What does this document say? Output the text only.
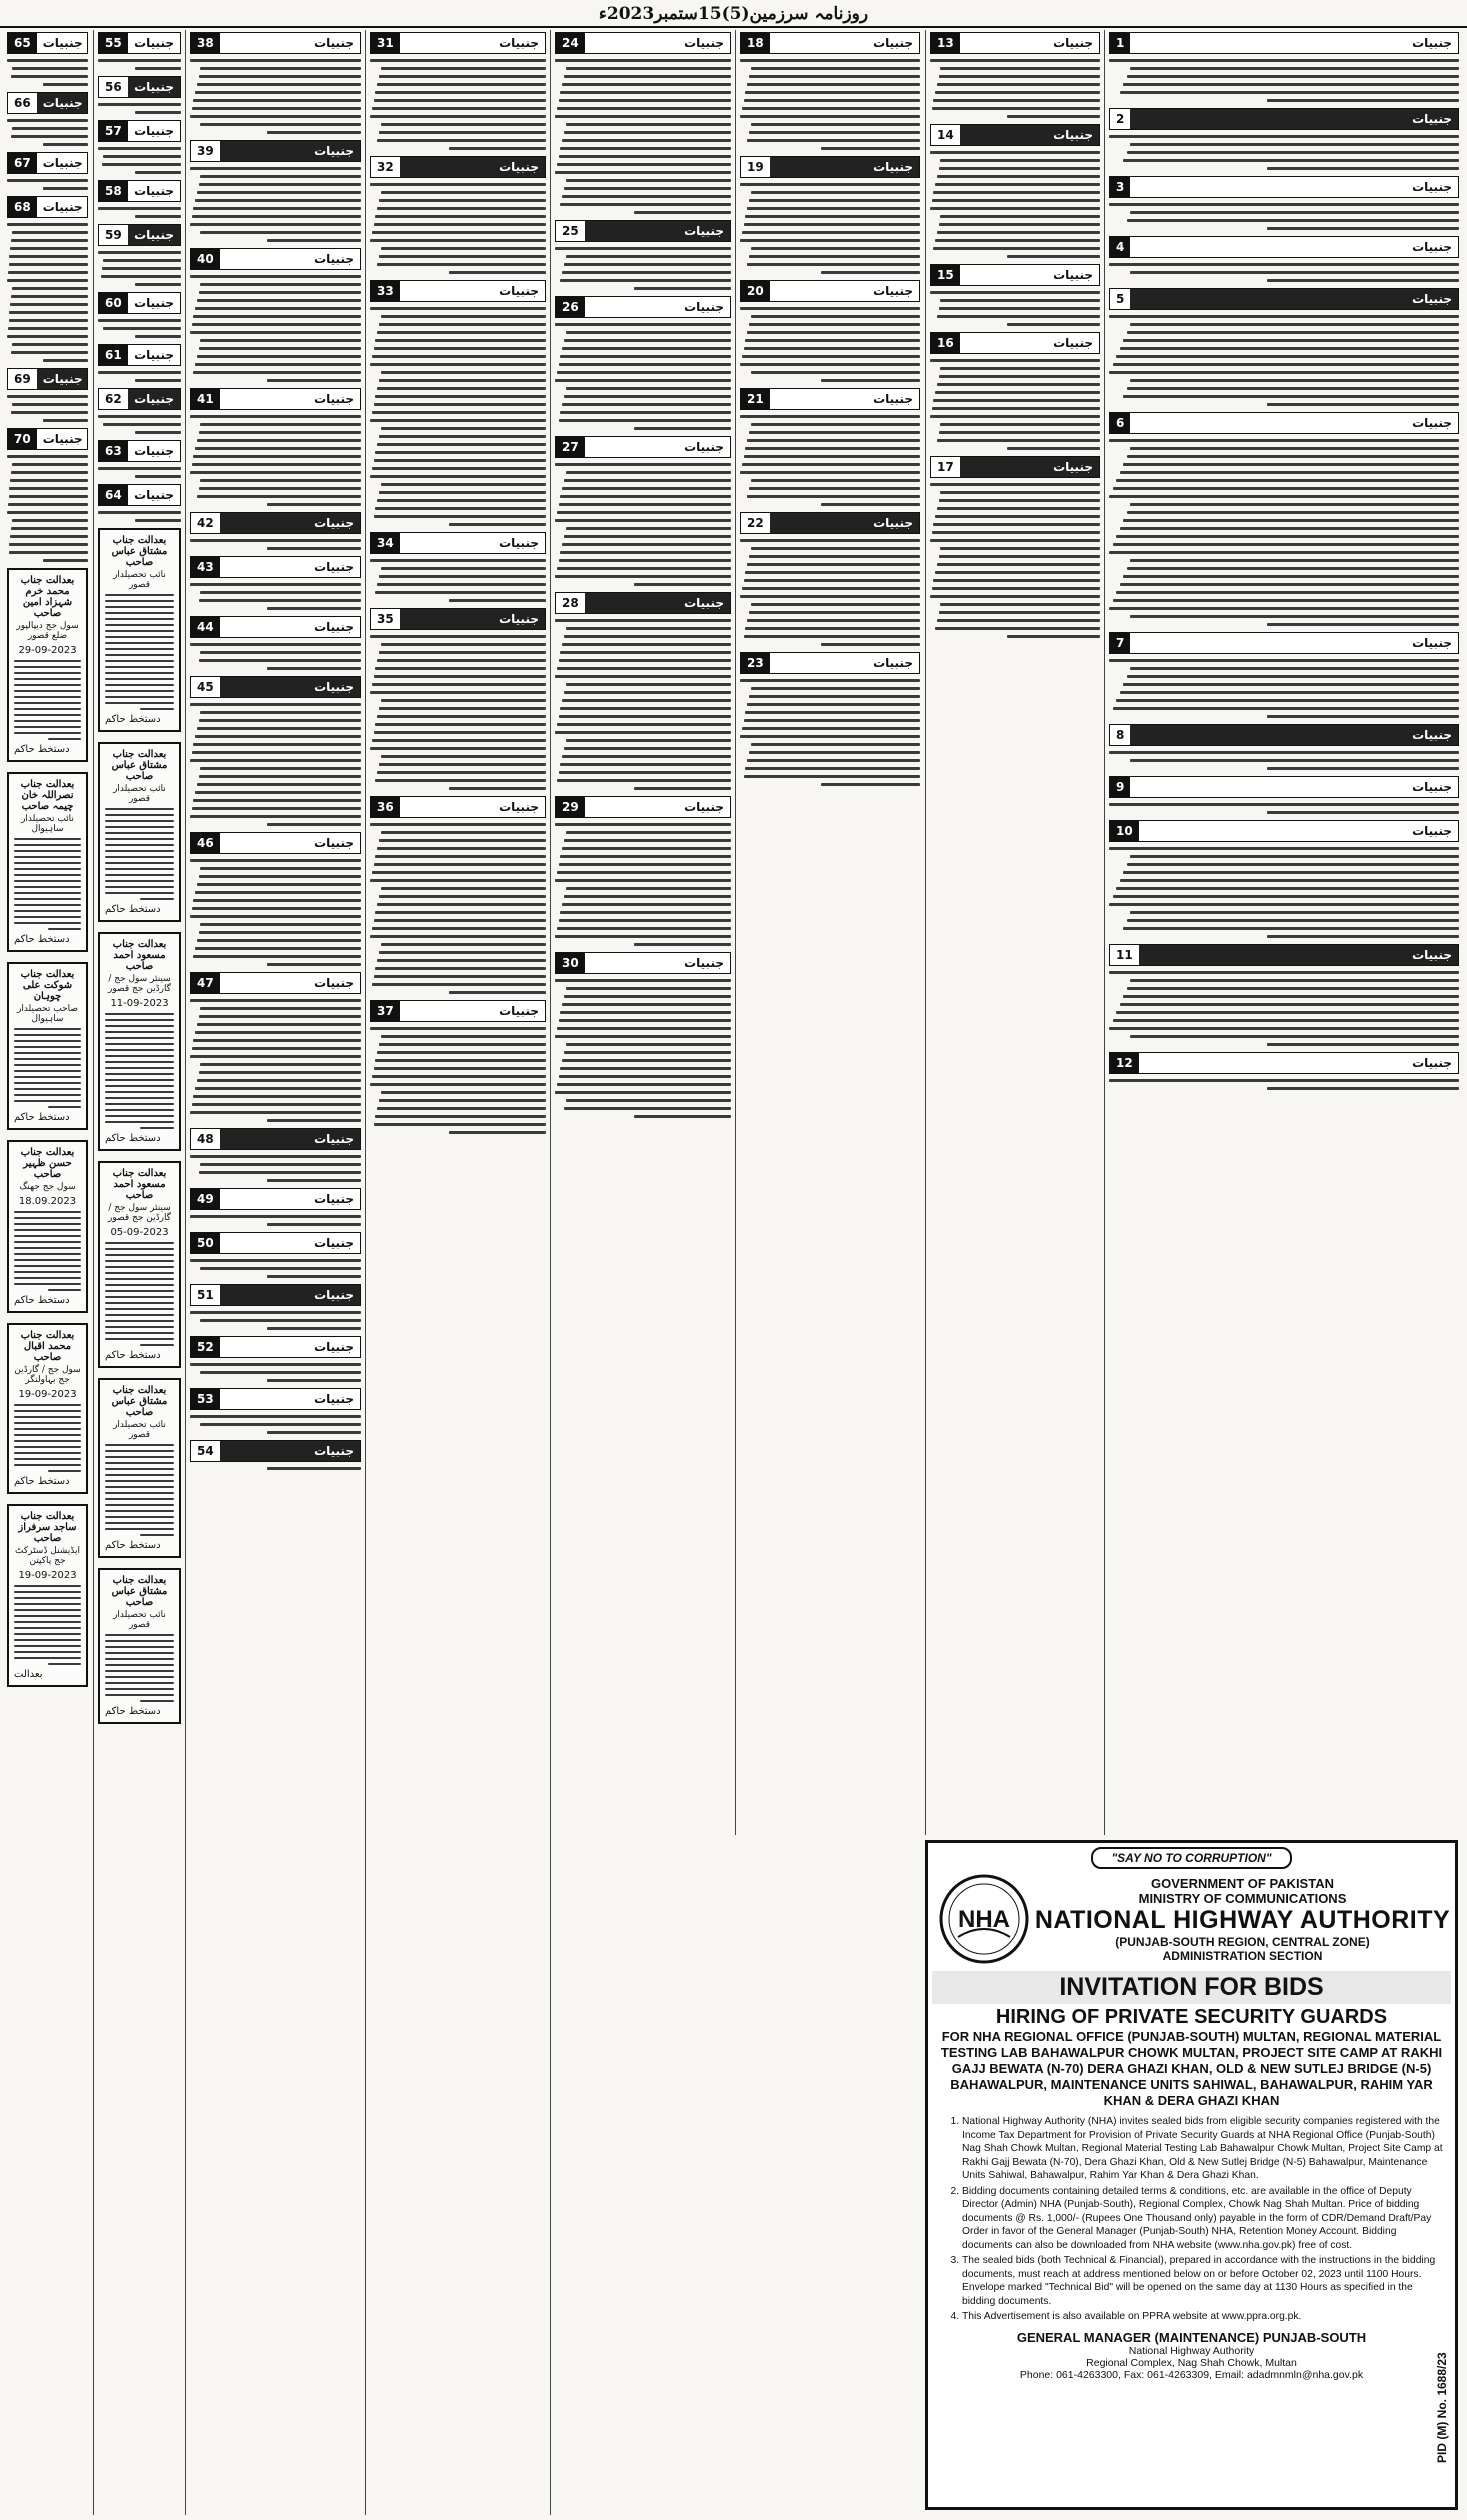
روزنامہ سرزمین(5)15ستمبر2023ء
1	جنبیات
2	جنبیات
3	جنبیات
4	جنبیات
5	جنبیات
6	جنبیات
7	جنبیات
8	جنبیات
9	جنبیات
10	جنبیات
11	جنبیات
12	جنبیات
13	جنبیات
14	جنبیات
15	جنبیات
16	جنبیات
17	جنبیات
18	جنبیات
19	جنبیات
20	جنبیات
21	جنبیات
22	جنبیات
23	جنبیات
24	جنبیات
25	جنبیات
26	جنبیات
27	جنبیات
28	جنبیات
29	جنبیات
30	جنبیات
31	جنبیات
32	جنبیات
33	جنبیات
34	جنبیات
35	جنبیات
36	جنبیات
37	جنبیات
38	جنبیات
39	جنبیات
40	جنبیات
41	جنبیات
42	جنبیات
43	جنبیات
44	جنبیات
45	جنبیات
46	جنبیات
47	جنبیات
48	جنبیات
49	جنبیات
50	جنبیات
51	جنبیات
52	جنبیات
53	جنبیات
54	جنبیات
55	جنبیات
56	جنبیات
57	جنبیات
58	جنبیات
59	جنبیات
60	جنبیات
61	جنبیات
62	جنبیات
63	جنبیات
64	جنبیات
بعدالت جناب مشتاق عباس صاحب
نائب تحصیلدار قصور
دستخط حاکم
بعدالت جناب مشتاق عباس صاحب
نائب تحصیلدار قصور
دستخط حاکم
بعدالت جناب مسعود احمد صاحب
سینئر سول جج / گارڈین جج قصور
11-09-2023
دستخط حاکم
بعدالت جناب مسعود احمد صاحب
سینئر سول جج / گارڈین جج قصور
05-09-2023
دستخط حاکم
بعدالت جناب مشتاق عباس صاحب
نائب تحصیلدار قصور
دستخط حاکم
بعدالت جناب مشتاق عباس صاحب
نائب تحصیلدار قصور
دستخط حاکم
65	جنبیات
66	جنبیات
67	جنبیات
68	جنبیات
69	جنبیات
70	جنبیات
بعدالت جناب محمد خرم شہزاد امین صاحب
سول جج دیپالپور ضلع قصور
29-09-2023
دستخط حاکم
بعدالت جناب نصراللہ خان چیمہ صاحب
نائب تحصیلدار ساہیوال
دستخط حاکم
بعدالت جناب شوکت علی چوہان
صاحب تحصیلدار ساہیوال
دستخط حاکم
بعدالت جناب حسن ظہیر صاحب
سول جج جھنگ
18.09.2023
دستخط حاکم
بعدالت جناب محمد اقبال صاحب
سول جج / گارڈین جج بہاولنگر
19-09-2023
دستخط حاکم
بعدالت جناب ساجد سرفراز صاحب
ایڈیشنل ڈسٹرکٹ جج پاکپتن
19-09-2023
بعدالت
"SAY NO TO CORRUPTION"
NHA
GOVERNMENT OF PAKISTAN
MINISTRY OF COMMUNICATIONS
NATIONAL HIGHWAY AUTHORITY
(PUNJAB-SOUTH REGION, CENTRAL ZONE)
ADMINISTRATION SECTION
INVITATION FOR BIDS
HIRING OF PRIVATE SECURITY GUARDS
FOR NHA REGIONAL OFFICE (PUNJAB-SOUTH) MULTAN, REGIONAL MATERIAL TESTING LAB BAHAWALPUR CHOWK MULTAN, PROJECT SITE CAMP AT RAKHI GAJJ BEWATA (N-70) DERA GHAZI KHAN, OLD & NEW SUTLEJ BRIDGE (N-5) BAHAWALPUR, MAINTENANCE UNITS SAHIWAL, BAHAWALPUR, RAHIM YAR KHAN & DERA GHAZI KHAN
1. National Highway Authority (NHA) invites sealed bids from eligible security companies registered with the Income Tax Department for Provision of Private Security Guards at NHA Regional Office (Punjab-South) Nag Shah Chowk Multan, Regional Material Testing Lab Bahawalpur Chowk Multan, Project Site Camp at Rakhi Gajj Bewata (N-70), Dera Ghazi Khan, Old & New Sutlej Bridge (N-5) Bahawalpur, Maintenance Units Sahiwal, Bahawalpur, Rahim Yar Khan & Dera Ghazi Khan.
2. Bidding documents containing detailed terms & conditions, etc. are available in the office of Deputy Director (Admin) NHA (Punjab-South), Regional Complex, Chowk Nag Shah Multan. Price of bidding documents @ Rs. 1,000/- (Rupees One Thousand only) payable in the form of CDR/Demand Draft/Pay Order in favor of the General Manager (Punjab-South) NHA, Retention Money Account. Bidding documents can also be downloaded from NHA website (www.nha.gov.pk) free of cost.
3. The sealed bids (both Technical & Financial), prepared in accordance with the instructions in the bidding documents, must reach at address mentioned below on or before October 02, 2023 until 1100 Hours. Envelope marked "Technical Bid" will be opened on the same day at 1130 Hours as specified in the bidding documents.
4. This Advertisement is also available on PPRA website at www.ppra.org.pk.
GENERAL MANAGER (MAINTENANCE) PUNJAB-SOUTH
National Highway Authority
Regional Complex, Nag Shah Chowk, Multan
Phone: 061-4263300, Fax: 061-4263309, Email: adadmnmln@nha.gov.pk	PID (M) No. 1688/23
